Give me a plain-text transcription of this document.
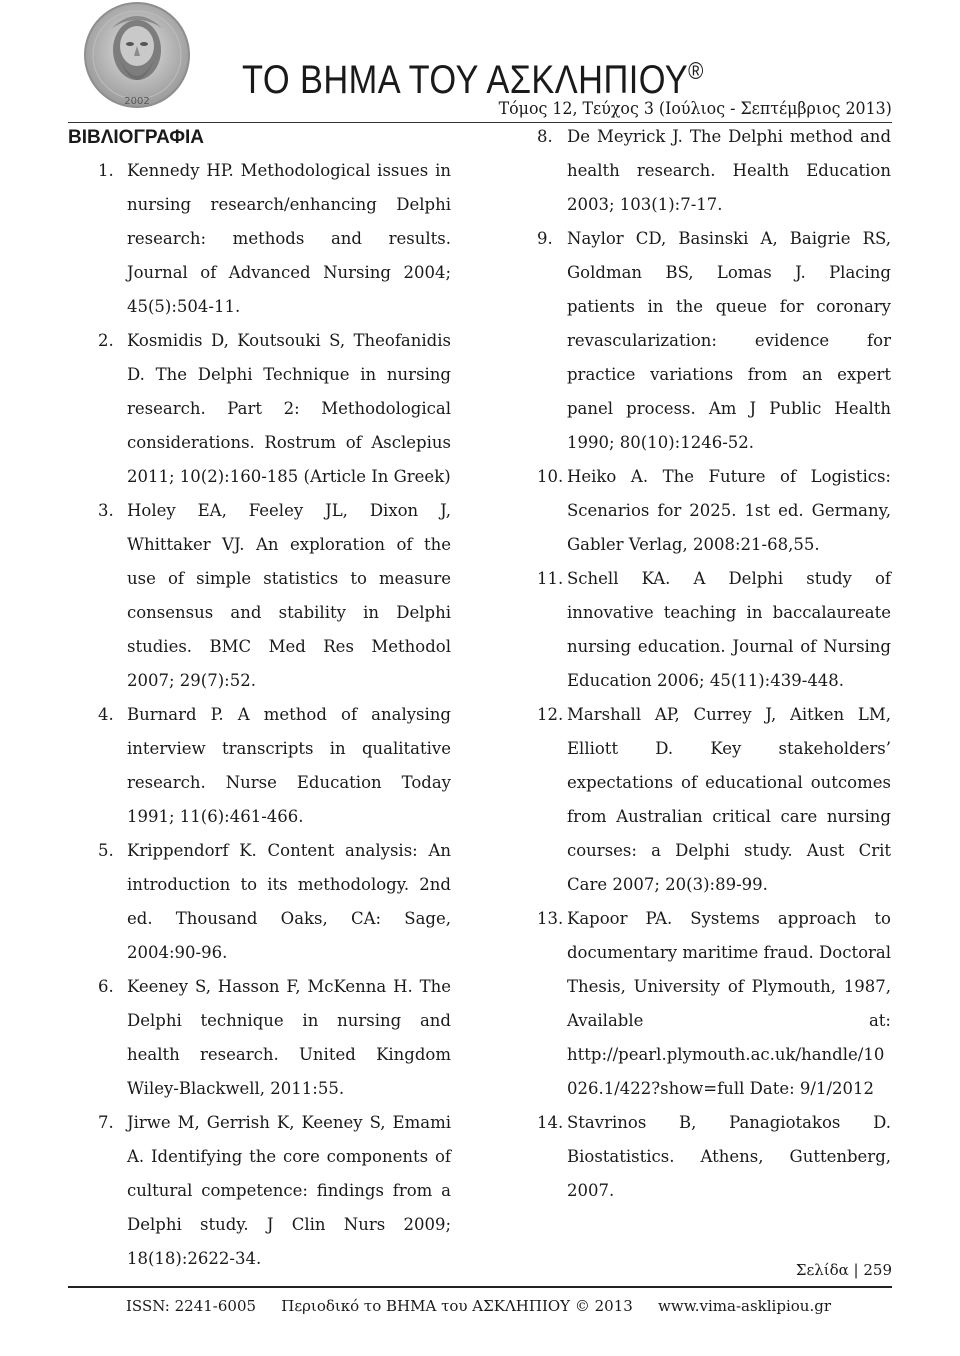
2002 ΤΟ ΒΗΜΑ ΤΟΥ ΑΣΚΛΗΠΙΟΥ®

Τόμος 12, Τεύχος 3 (Ιούλιος - Σεπτέμβριος 2013)

ΒΙΒΛΙΟΓΡΑΦΙΑ
1. Kennedy HP. Methodological issues in nursing research/enhancing Delphi research: methods and results. Journal of Advanced Nursing 2004; 45(5):504-11.
2. Kosmidis D, Koutsouki S, Theofanidis D. The Delphi Technique in nursing research. Part 2: Methodological considerations. Rostrum of Asclepius 2011; 10(2):160-185 (Article In Greek)
3. Holey EA, Feeley JL, Dixon J, Whittaker VJ. An exploration of the use of simple statistics to measure consensus and stability in Delphi studies. BMC Med Res Methodol 2007; 29(7):52.
4. Burnard P. A method of analysing interview transcripts in qualitative research. Nurse Education Today 1991; 11(6):461-466.
5. Krippendorf K. Content analysis: An introduction to its methodology. 2nd ed. Thousand Oaks, CA: Sage, 2004:90-96.
6. Keeney S, Hasson F, McKenna H. The Delphi technique in nursing and health research. United Kingdom Wiley-Blackwell, 2011:55.
7. Jirwe M, Gerrish K, Keeney S, Emami A. Identifying the core components of cultural competence: findings from a Delphi study. J Clin Nurs 2009; 18(18):2622-34.
8. De Meyrick J. The Delphi method and health research. Health Education 2003; 103(1):7-17.
9. Naylor CD, Basinski A, Baigrie RS, Goldman BS, Lomas J. Placing patients in the queue for coronary revascularization: evidence for practice variations from an expert panel process. Am J Public Health 1990; 80(10):1246-52.
10. Heiko A. The Future of Logistics: Scenarios for 2025. 1st ed. Germany, Gabler Verlag, 2008:21-68,55.
11. Schell KA. A Delphi study of innovative teaching in baccalaureate nursing education. Journal of Nursing Education 2006; 45(11):439-448.
12. Marshall AP, Currey J, Aitken LM, Elliott D. Key stakeholders’ expectations of educational outcomes from Australian critical care nursing courses: a Delphi study. Aust Crit Care 2007; 20(3):89-99.
13. Kapoor PA. Systems approach to documentary maritime fraud. Doctoral Thesis, University of Plymouth, 1987, Available at: http://pearl.plymouth.ac.uk/handle/10026.1/422?show=full Date: 9/1/2012
14. Stavrinos B, Panagiotakos D. Biostatistics. Athens, Guttenberg, 2007.

Σελίδα | 259

ISSN: 2241-6005 Περιοδικό το ΒΗΜΑ του ΑΣΚΛΗΠΙΟΥ © 2013 www.vima-asklipiou.gr
